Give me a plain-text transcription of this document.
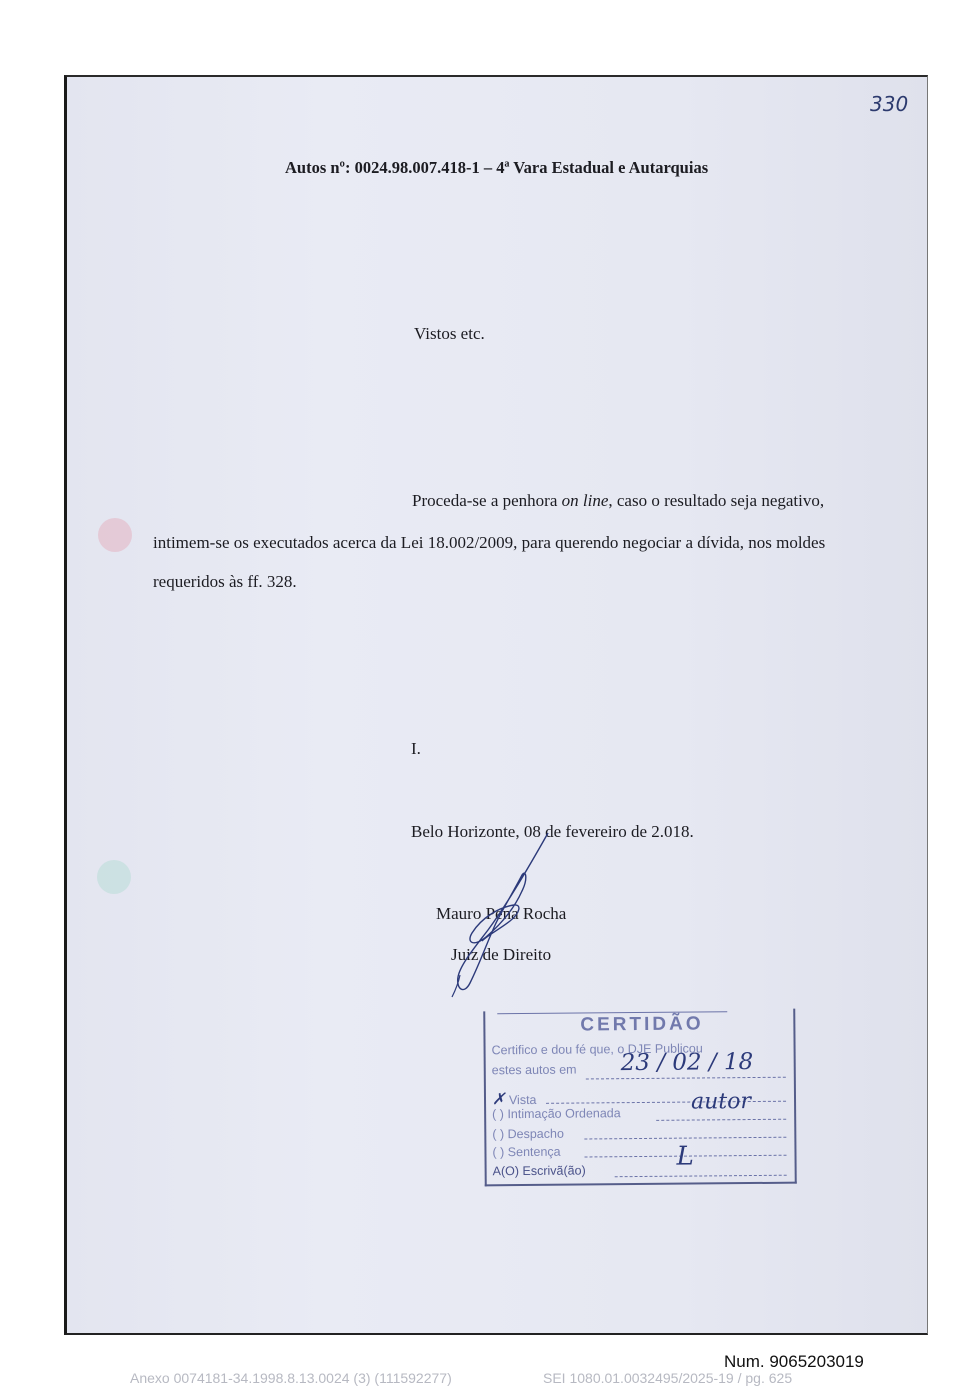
330
Autos nº: 0024.98.007.418-1 – 4ª Vara Estadual e Autarquias
Vistos etc.
Proceda-se a penhora on line, caso o resultado seja negativo,
intimem-se os executados acerca da Lei 18.002/2009, para querendo negociar a dívida, nos moldes
requeridos às ff. 328.
I.
Belo Horizonte, 08 de fevereiro de 2.018.
Mauro Pena Rocha
Juiz de Direito
CERTIDÃO
Certifico e dou fé que, o DJE Publicou
estes autos em 23 / 02 / 18
✗ Vista
( ) Intimação Ordenada	autor
( ) Despacho
( ) Sentença
A(O) Escrivã(ão)	L
Num. 9065203019
Anexo 0074181-34.1998.8.13.0024 (3) (111592277)	SEI 1080.01.0032495/2025-19 / pg. 625
